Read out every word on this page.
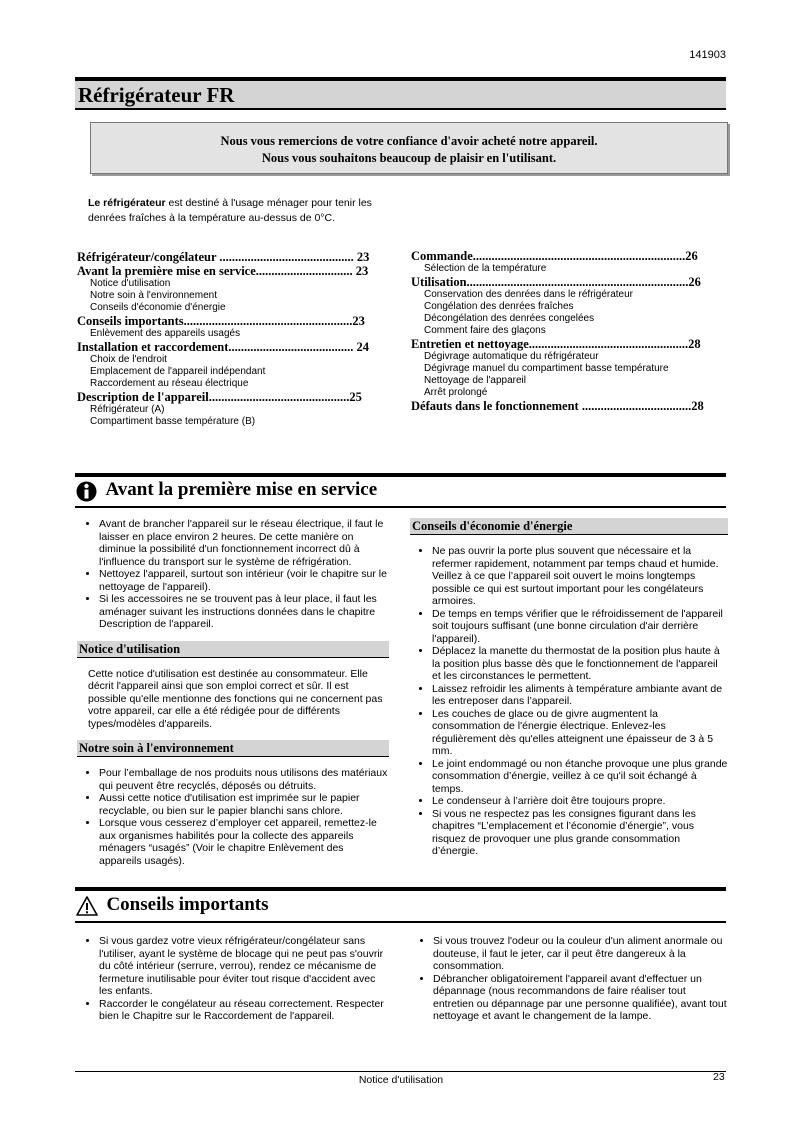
141903
Réfrigérateur FR
Nous vous remercions de votre confiance d'avoir acheté notre appareil.
Nous vous souhaitons beaucoup de plaisir en l'utilisant.
Le réfrigérateur est destiné à l'usage ménager pour tenir les denrées fraîches à la température au-dessus de 0°C.
Réfrigérateur/congélateur ........................................... 23
Avant la première mise en service............................... 23
Notice d'utilisation
Notre soin à l'environnement
Conseils d'économie d'énergie
Conseils importants......................................................23
Enlèvement des appareils usagés
Installation et raccordement........................................ 24
Choix de l'endroit
Emplacement de l'appareil indépendant
Raccordement au réseau électrique
Description de l'appareil.............................................25
Réfrigérateur (A)
Compartiment basse température (B)
Commande....................................................................26
Sélection de la température
Utilisation.......................................................................26
Conservation des denrées dans le réfrigérateur
Congélation des denrées fraîches
Décongélation des denrées congelées
Comment faire des glaçons
Entretien et nettoyage...................................................28
Dégivrage automatique du réfrigérateur
Dégivrage manuel du compartiment basse température
Nettoyage de l'appareil
Arrêt prolongé
Défauts dans le fonctionnement ...................................28
Avant la première mise en service
• Avant de brancher l'appareil sur le réseau électrique, il faut le laisser en place environ 2 heures. De cette manière on diminue la possibilité d'un fonctionnement incorrect dû à l'influence du transport sur le système de réfrigération.
• Nettoyez l'appareil, surtout son intérieur (voir le chapitre sur le nettoyage de l'appareil).
• Si les accessoires ne se trouvent pas à leur place, il faut les aménager suivant les instructions données dans le chapitre Description de l'appareil.
Notice d'utilisation
Cette notice d'utilisation est destinée au consommateur. Elle décrit l'appareil ainsi que son emploi correct et sûr. Il est possible qu'elle mentionne des fonctions qui ne concernent pas votre appareil, car elle a été rédigée pour de différents types/modèles d'appareils.
Notre soin à l'environnement
• Pour l’emballage de nos produits nous utilisons des matériaux qui peuvent être recyclés, déposés ou détruits.
• Aussi cette notice d'utilisation est imprimée sur le papier recyclable, ou bien sur le papier blanchi sans chlore.
• Lorsque vous cesserez d’employer cet appareil, remettez-le aux organismes habilités pour la collecte des appareils ménagers “usagés” (Voir le chapitre Enlèvement des appareils usagés).
Conseils d'économie d'énergie
• Ne pas ouvrir la porte plus souvent que nécessaire et la refermer rapidement, notamment par temps chaud et humide. Veillez à ce que l’appareil soit ouvert le moins longtemps possible ce qui est surtout important pour les congélateurs armoires.
• De temps en temps vérifier que le réfroidissement de l'appareil soit toujours suffisant (une bonne circulation d'air derrière l'appareil).
• Déplacez la manette du thermostat de la position plus haute à la position plus basse dès que le fonctionnement de l'appareil et les circonstances le permettent.
• Laissez refroidir les aliments à température ambiante avant de les entreposer dans l’appareil.
• Les couches de glace ou de givre augmentent la consommation de l'énergie électrique. Enlevez-les régulièrement dès qu'elles atteignent une épaisseur de 3 à 5 mm.
• Le joint endommagé ou non étanche provoque une plus grande consommation d’énergie, veillez à ce qu'il soit échangé à temps.
• Le condenseur à l’arrière doit être toujours propre.
• Si vous ne respectez pas les consignes figurant dans les chapitres “L’emplacement et l’économie d’énergie”, vous risquez de provoquer une plus grande consommation d’énergie.
Conseils importants
• Si vous gardez votre vieux réfrigérateur/congélateur sans l'utiliser, ayant le système de blocage qui ne peut pas s'ouvrir du côté intérieur (serrure, verrou), rendez ce mécanisme de fermeture inutilisable pour éviter tout risque d'accident avec les enfants.
• Raccorder le congélateur au réseau correctement. Respecter bien le Chapitre sur le Raccordement de l'appareil.
• Si vous trouvez l'odeur ou la couleur d'un aliment anormale ou douteuse, il faut le jeter, car il peut être dangereux à la consommation.
• Débrancher obligatoirement l'appareil avant d'effectuer un dépannage (nous recommandons de faire réaliser tout entretien ou dépannage par une personne qualifiée), avant tout nettoyage et avant le changement de la lampe.
Notice d'utilisation	23
